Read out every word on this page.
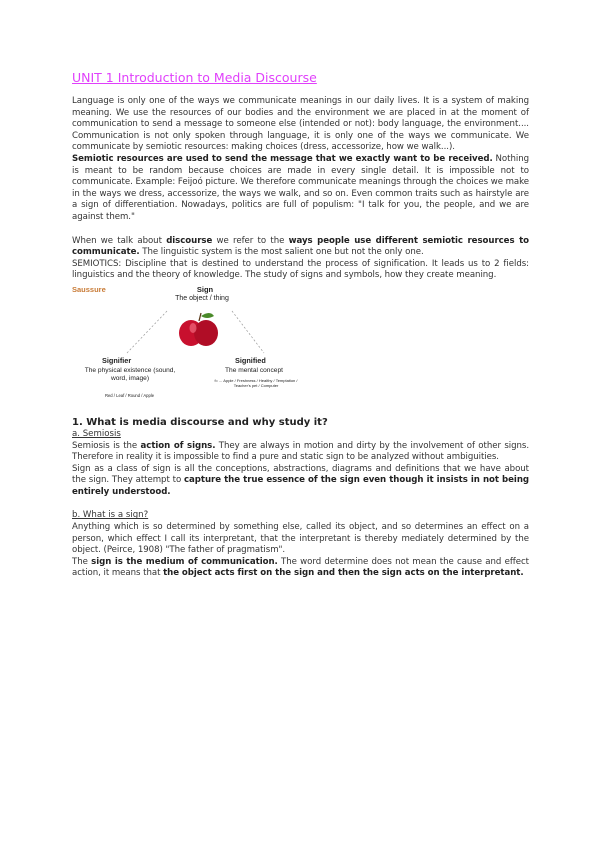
UNIT 1 Introduction to Media Discourse

Language is only one of the ways we communicate meanings in our daily lives. It is a system of making meaning. We use the resources of our bodies and the environment we are placed in at the moment of communication to send a message to someone else (intended or not): body language, the environment.... Communication is not only spoken through language, it is only one of the ways we communicate. We communicate by semiotic resources: making choices (dress, accessorize, how we walk...).

Semiotic resources are used to send the message that we exactly want to be received. Nothing is meant to be random because choices are made in every single detail. It is impossible not to communicate. Example: Feijoó picture. We therefore communicate meanings through the choices we make in the ways we dress, accessorize, the ways we walk, and so on. Even common traits such as hairstyle are a sign of differentiation. Nowadays, politics are full of populism: "I talk for you, the people, and we are against them."

When we talk about discourse we refer to the ways people use different semiotic resources to communicate. The linguistic system is the most salient one but not the only one.

SEMIOTICS: Discipline that is destined to understand the process of signification. It leads us to 2 fields: linguistics and the theory of knowledge. The study of signs and symbols, how they create meaning.

Saussure	Sign
The object / thing
Signifier
The physical existence (sound, word, image)
Red / Leaf / Round / Apple
Signified
The mental concept
f= ... Apple / Freshness / Healthy / Temptation / Teacher's pet / Computer
1. What is media discourse and why study it?
a. Semiosis

Semiosis is the action of signs. They are always in motion and dirty by the involvement of other signs. Therefore in reality it is impossible to find a pure and static sign to be analyzed without ambiguities.

Sign as a class of sign is all the conceptions, abstractions, diagrams and definitions that we have about the sign. They attempt to capture the true essence of the sign even though it insists in not being entirely understood.

b. What is a sign?

Anything which is so determined by something else, called its object, and so determines an effect on a person, which effect I call its interpretant, that the interpretant is thereby mediately determined by the object. (Peirce, 1908) "The father of pragmatism".

The sign is the medium of communication. The word determine does not mean the cause and effect action, it means that the object acts first on the sign and then the sign acts on the interpretant.
